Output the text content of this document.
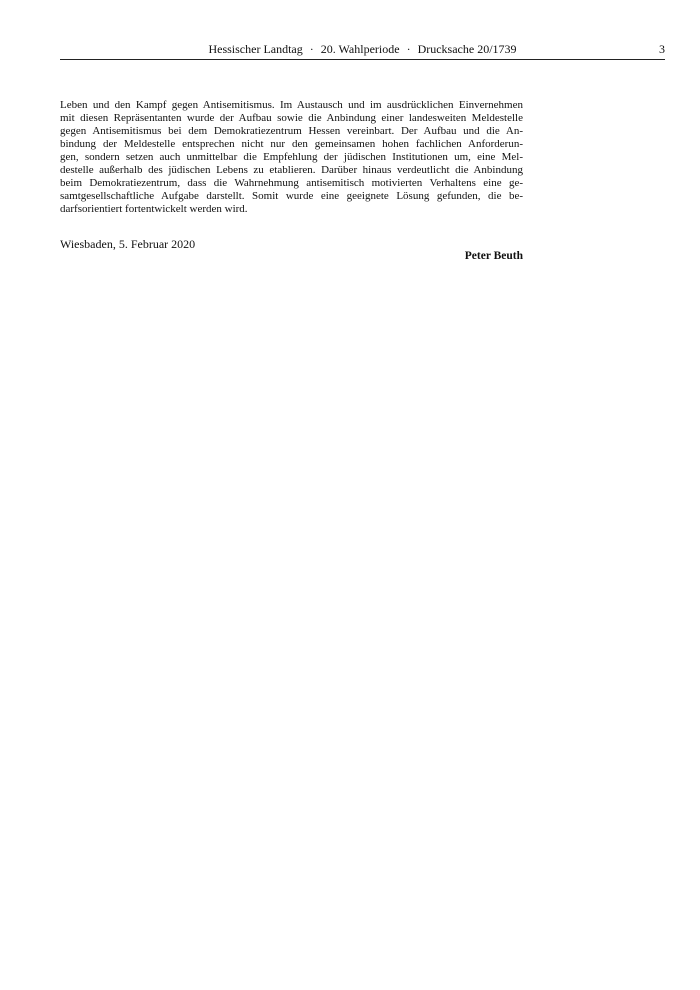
Hessischer Landtag · 20. Wahlperiode · Drucksache 20/1739	3
Leben und den Kampf gegen Antisemitismus. Im Austausch und im ausdrücklichen Einvernehmen
mit diesen Repräsentanten wurde der Aufbau sowie die Anbindung einer landesweiten Meldestelle
gegen Antisemitismus bei dem Demokratiezentrum Hessen vereinbart. Der Aufbau und die An-
bindung der Meldestelle entsprechen nicht nur den gemeinsamen hohen fachlichen Anforderun-
gen, sondern setzen auch unmittelbar die Empfehlung der jüdischen Institutionen um, eine Mel-
destelle außerhalb des jüdischen Lebens zu etablieren. Darüber hinaus verdeutlicht die Anbindung
beim Demokratiezentrum, dass die Wahrnehmung antisemitisch motivierten Verhaltens eine ge-
samtgesellschaftliche Aufgabe darstellt. Somit wurde eine geeignete Lösung gefunden, die be-
darfsorientiert fortentwickelt werden wird.
Wiesbaden, 5. Februar 2020
Peter Beuth
